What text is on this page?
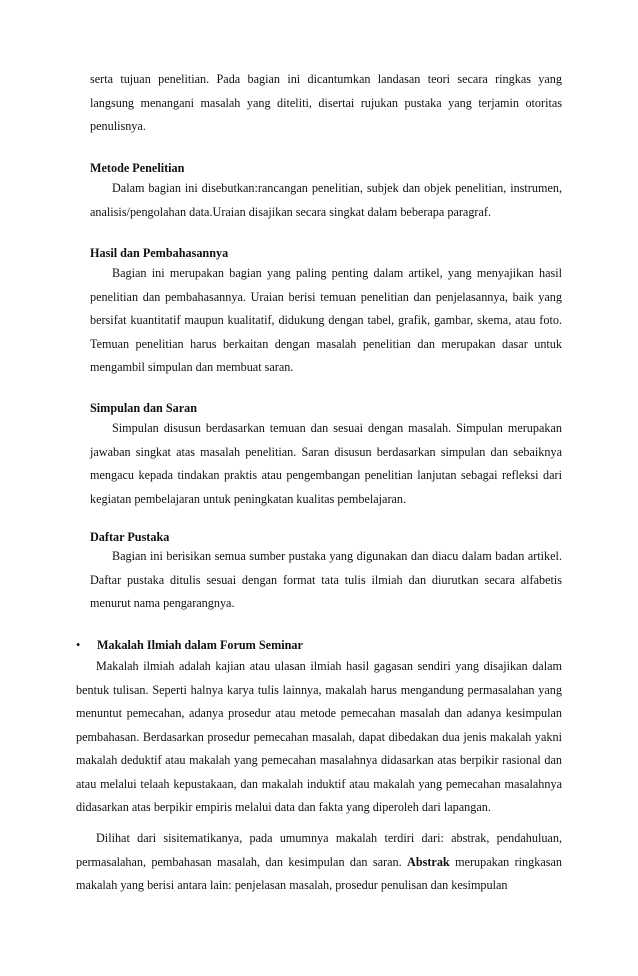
serta tujuan penelitian. Pada bagian ini dicantumkan landasan teori secara ringkas yang langsung menangani masalah yang diteliti, disertai rujukan pustaka yang terjamin otoritas penulisnya.

Metode Penelitian

Dalam bagian ini disebutkan:rancangan penelitian, subjek dan objek penelitian, instrumen, analisis/pengolahan data.Uraian disajikan secara singkat dalam beberapa paragraf.

Hasil dan Pembahasannya

Bagian ini merupakan bagian yang paling penting dalam artikel, yang menyajikan hasil penelitian dan pembahasannya. Uraian berisi temuan penelitian dan penjelasannya, baik yang bersifat kuantitatif maupun kualitatif, didukung dengan tabel, grafik, gambar, skema, atau foto. Temuan penelitian harus berkaitan dengan masalah penelitian dan merupakan dasar untuk mengambil simpulan dan membuat saran.

Simpulan dan Saran

Simpulan disusun berdasarkan temuan dan sesuai dengan masalah. Simpulan merupakan jawaban singkat atas masalah penelitian. Saran disusun berdasarkan simpulan dan sebaiknya mengacu kepada tindakan praktis atau pengembangan penelitian lanjutan sebagai refleksi dari kegiatan pembelajaran untuk peningkatan kualitas pembelajaran.

Daftar Pustaka

Bagian ini berisikan semua sumber pustaka yang digunakan dan diacu dalam badan artikel. Daftar pustaka ditulis sesuai dengan format tata tulis ilmiah dan diurutkan secara alfabetis menurut nama pengarangnya.

• Makalah Ilmiah dalam Forum Seminar

Makalah ilmiah adalah kajian atau ulasan ilmiah hasil gagasan sendiri yang disajikan dalam bentuk tulisan. Seperti halnya karya tulis lainnya, makalah harus mengandung permasalahan yang menuntut pemecahan, adanya prosedur atau metode pemecahan masalah dan adanya kesimpulan pembahasan. Berdasarkan prosedur pemecahan masalah, dapat dibedakan dua jenis makalah yakni makalah deduktif atau makalah yang pemecahan masalahnya didasarkan atas berpikir rasional dan atau melalui telaah kepustakaan, dan makalah induktif atau makalah yang pemecahan masalahnya didasarkan atas berpikir empiris melalui data dan fakta yang diperoleh dari lapangan.

Dilihat dari sisitematikanya, pada umumnya makalah terdiri dari: abstrak, pendahuluan, permasalahan, pembahasan masalah, dan kesimpulan dan saran. Abstrak merupakan ringkasan makalah yang berisi antara lain: penjelasan masalah, prosedur penulisan dan kesimpulan
